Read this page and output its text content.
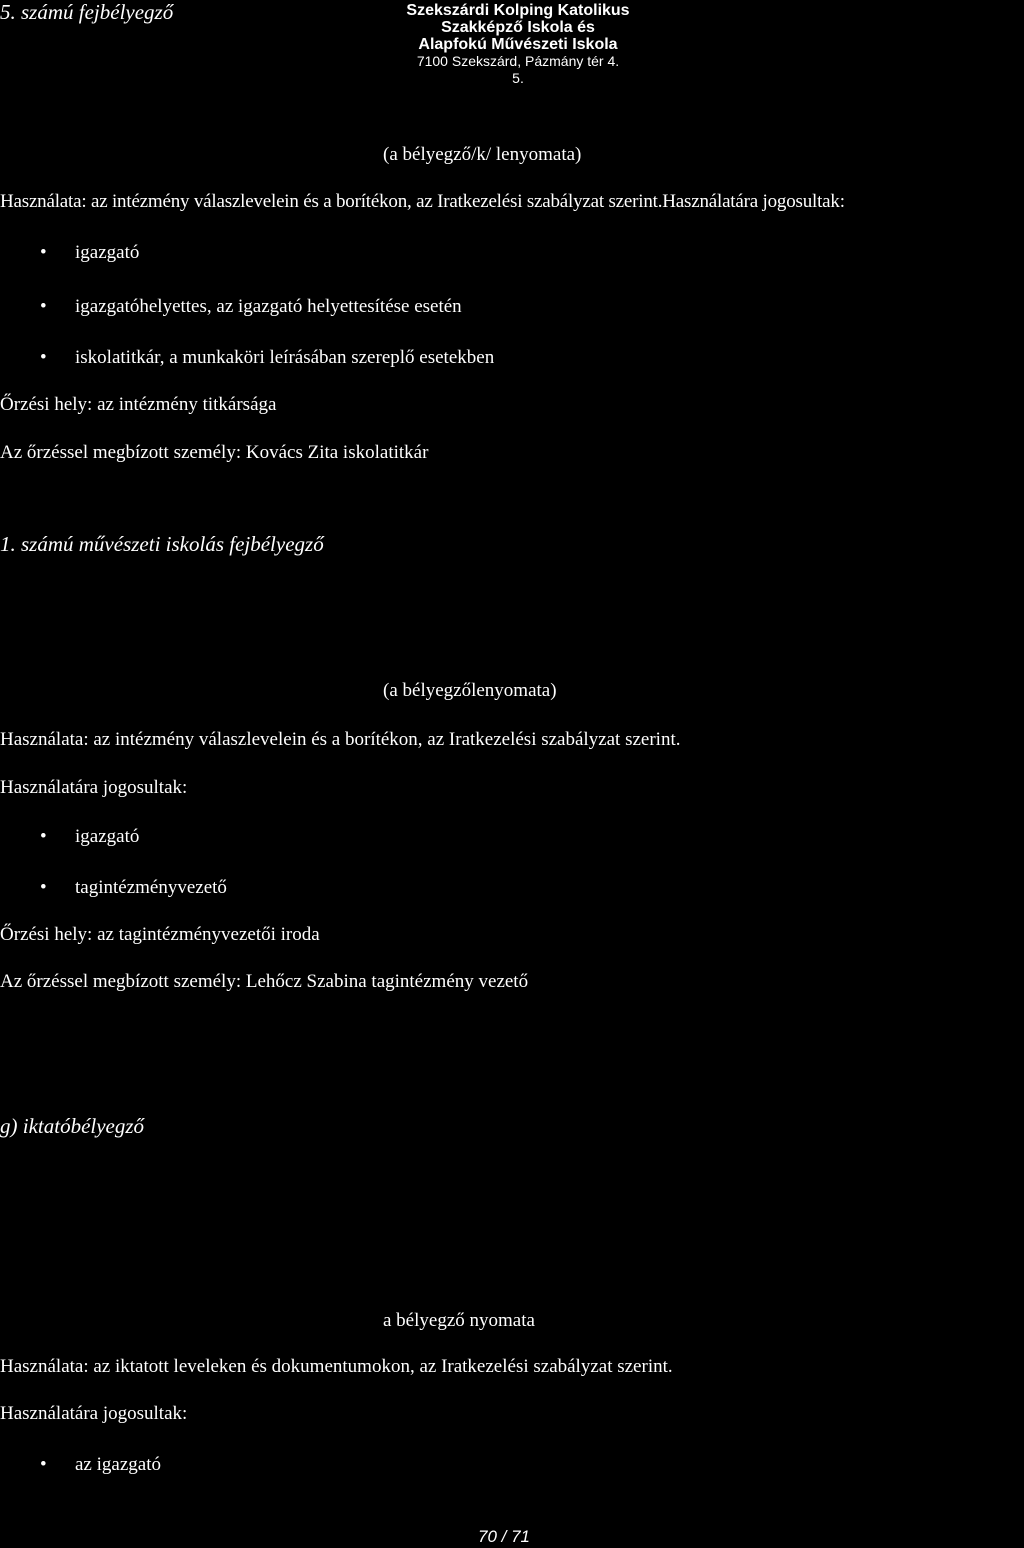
5. számú fejbélyegző	Szekszárdi Kolping Katolikus
Szakképző Iskola és
Alapfokú Művészeti Iskola
7100 Szekszárd, Pázmány tér 4.
5.
(a bélyegző/k/ lenyomata)
Használata: az intézmény válaszlevelein és a borítékon, az Iratkezelési szabályzat szerint.Használatára jogosultak:
• igazgató
• igazgatóhelyettes, az igazgató helyettesítése esetén
• iskolatitkár, a munkaköri leírásában szereplő esetekben
Őrzési hely: az intézmény titkársága
Az őrzéssel megbízott személy: Kovács Zita iskolatitkár
1. számú művészeti iskolás fejbélyegző
(a bélyegzőlenyomata)
Használata: az intézmény válaszlevelein és a borítékon, az Iratkezelési szabályzat szerint.
Használatára jogosultak:
• igazgató
• tagintézményvezető
Őrzési hely: az tagintézményvezetői iroda
Az őrzéssel megbízott személy: Lehőcz Szabina tagintézmény vezető
g) iktatóbélyegző
a bélyegző nyomata
Használata: az iktatott leveleken és dokumentumokon, az Iratkezelési szabályzat szerint.
Használatára jogosultak:
• az igazgató
70 / 71
